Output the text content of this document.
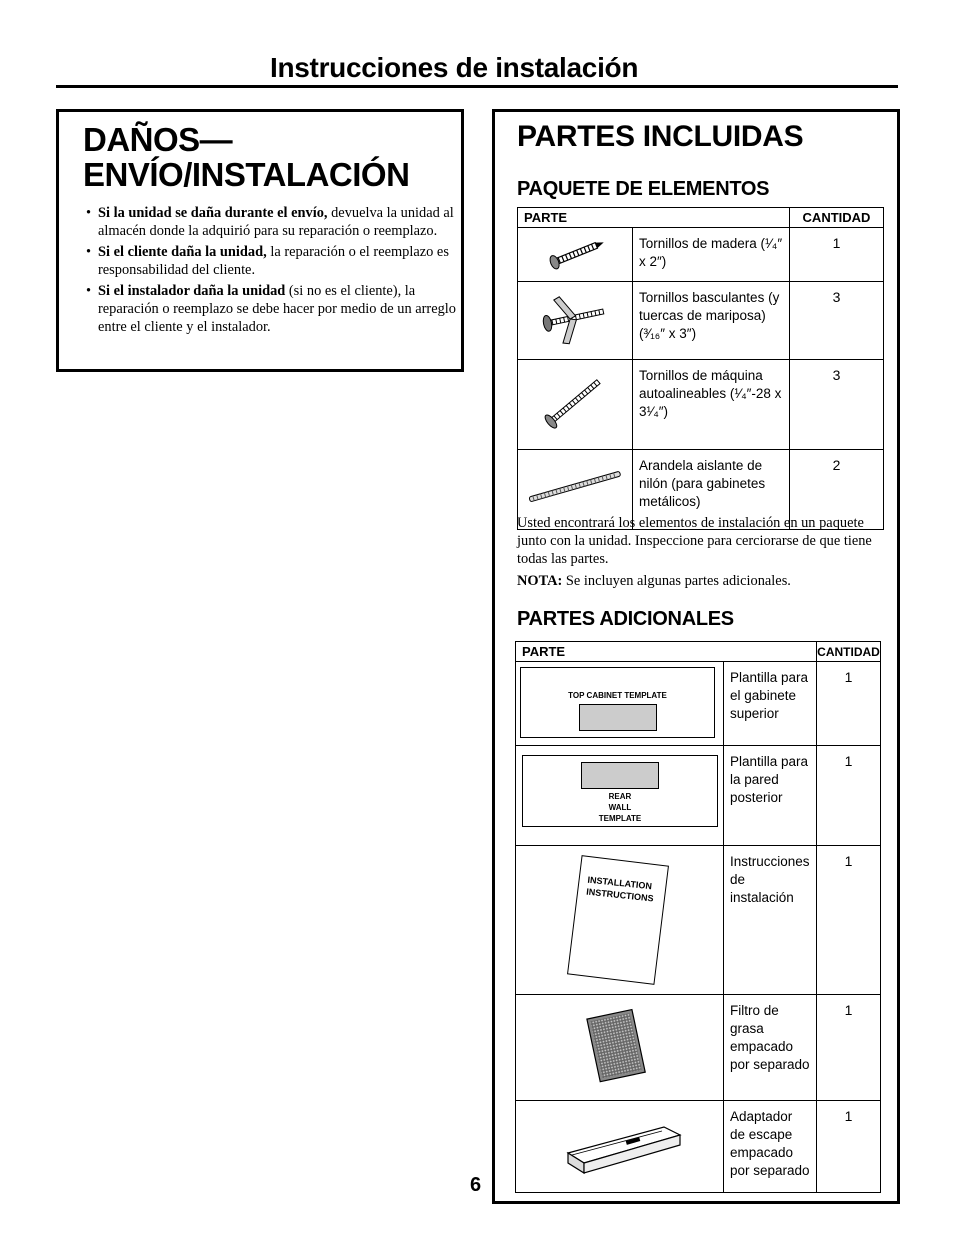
Instrucciones de instalación
DAÑOS—
ENVÍO/INSTALACIÓN
• Si la unidad se daña durante el envío, devuelva la unidad al almacén donde la adquirió para su reparación o reemplazo.
• Si el cliente daña la unidad, la reparación o el reemplazo es responsabilidad del cliente.
• Si el instalador daña la unidad (si no es el cliente), la reparación o reemplazo se debe hacer por medio de un arreglo entre el cliente y el instalador.
PARTES INCLUIDAS
PAQUETE DE ELEMENTOS
PARTE		CANTIDAD
	Tornillos de madera (¹⁄₄″ x 2″)	1
	Tornillos basculantes (y tuercas de mariposa) (³⁄₁₆″ x 3″)	3
	Tornillos de máquina autoalineables (¹⁄₄″-28 x 3¹⁄₄″)	3
	Arandela aislante de nilón (para gabinetes metálicos)	2
Usted encontrará los elementos de instalación en un paquete junto con la unidad. Inspeccione para cerciorarse de que tiene todas las partes.
NOTA: Se incluyen algunas partes adicionales.
PARTES ADICIONALES
PARTE		CANTIDAD

TOP CABINET TEMPLATE	Plantilla para el gabinete superior	1

REAR
WALL
TEMPLATE	Plantilla para la pared posterior	1

INSTALLATION
INSTRUCTIONS	Instrucciones de instalación	1
	Filtro de grasa empacado por separado	1
	Adaptador de escape empacado por separado	1
6
